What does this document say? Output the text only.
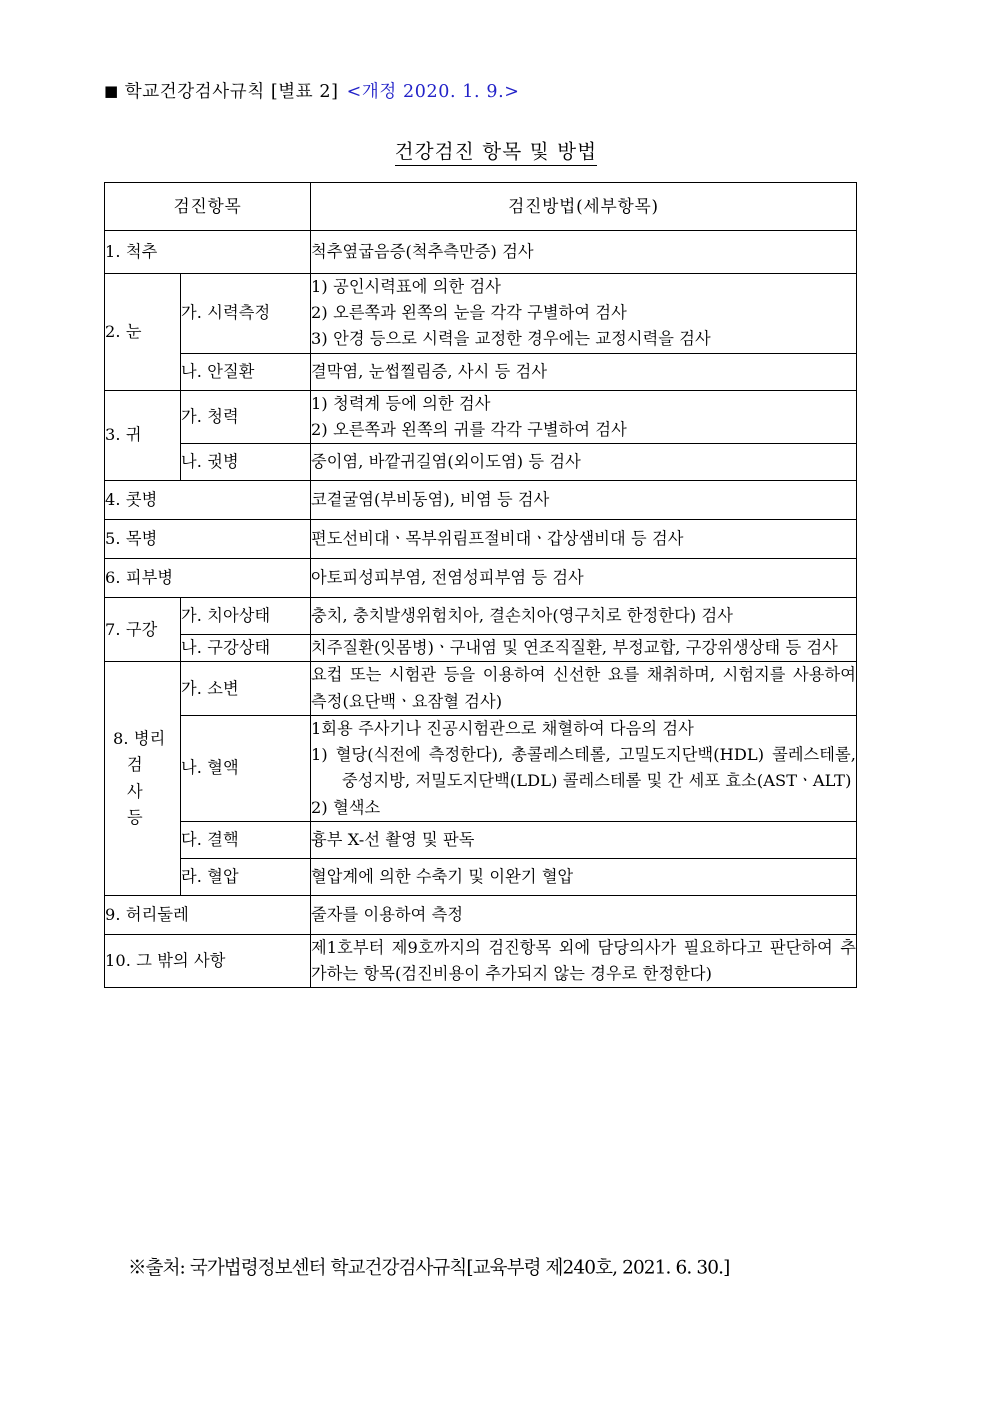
■ 학교건강검사규칙 [별표 2] <개정 2020. 1. 9.>
건강검진 항목 및 방법
검진항목		검진방법(세부항목)
1. 척추		척추옆굽음증(척추측만증) 검사

2. 눈	가. 시력측정	1) 공인시력표에 의한 검사
2) 오른쪽과 왼쪽의 눈을 각각 구별하여 검사
3) 안경 등으로 시력을 교정한 경우에는 교정시력을 검사

	나. 안질환	결막염, 눈썹찔림증, 사시 등 검사

3. 귀	가. 청력	1) 청력계 등에 의한 검사
2) 오른쪽과 왼쪽의 귀를 각각 구별하여 검사

	나. 귓병	중이염, 바깥귀길염(외이도염) 등 검사

4. 콧병		코곁굴염(부비동염), 비염 등 검사

5. 목병		편도선비대ㆍ목부위림프절비대ㆍ갑상샘비대 등 검사

6. 피부병		아토피성피부염, 전염성피부염 등 검사

7. 구강	가. 치아상태	충치, 충치발생위험치아, 결손치아(영구치로 한정한다) 검사

	나. 구강상태	치주질환(잇몸병)ㆍ구내염 및 연조직질환, 부정교합, 구강위생상태 등 검사

8. 병리
검 사
등	가. 소변	요컵 또는 시험관 등을 이용하여 신선한 요를 채취하며, 시험지를 사용하여 측정(요단백ㆍ요잠혈 검사)

	나. 혈액	1회용 주사기나 진공시험관으로 채혈하여 다음의 검사
1) 혈당(식전에 측정한다), 총콜레스테롤, 고밀도지단백(HDL) 콜레스테롤, 중성지방, 저밀도지단백(LDL) 콜레스테롤 및 간 세포 효소(ASTㆍALT)
2) 혈색소

	다. 결핵	흉부 X-선 촬영 및 판독

	라. 혈압	혈압계에 의한 수축기 및 이완기 혈압

9. 허리둘레		줄자를 이용하여 측정

10. 그 밖의 사항		제1호부터 제9호까지의 검진항목 외에 담당의사가 필요하다고 판단하여 추가하는 항목(검진비용이 추가되지 않는 경우로 한정한다)
※출처: 국가법령정보센터 학교건강검사규칙[교육부령 제240호, 2021. 6. 30.]
